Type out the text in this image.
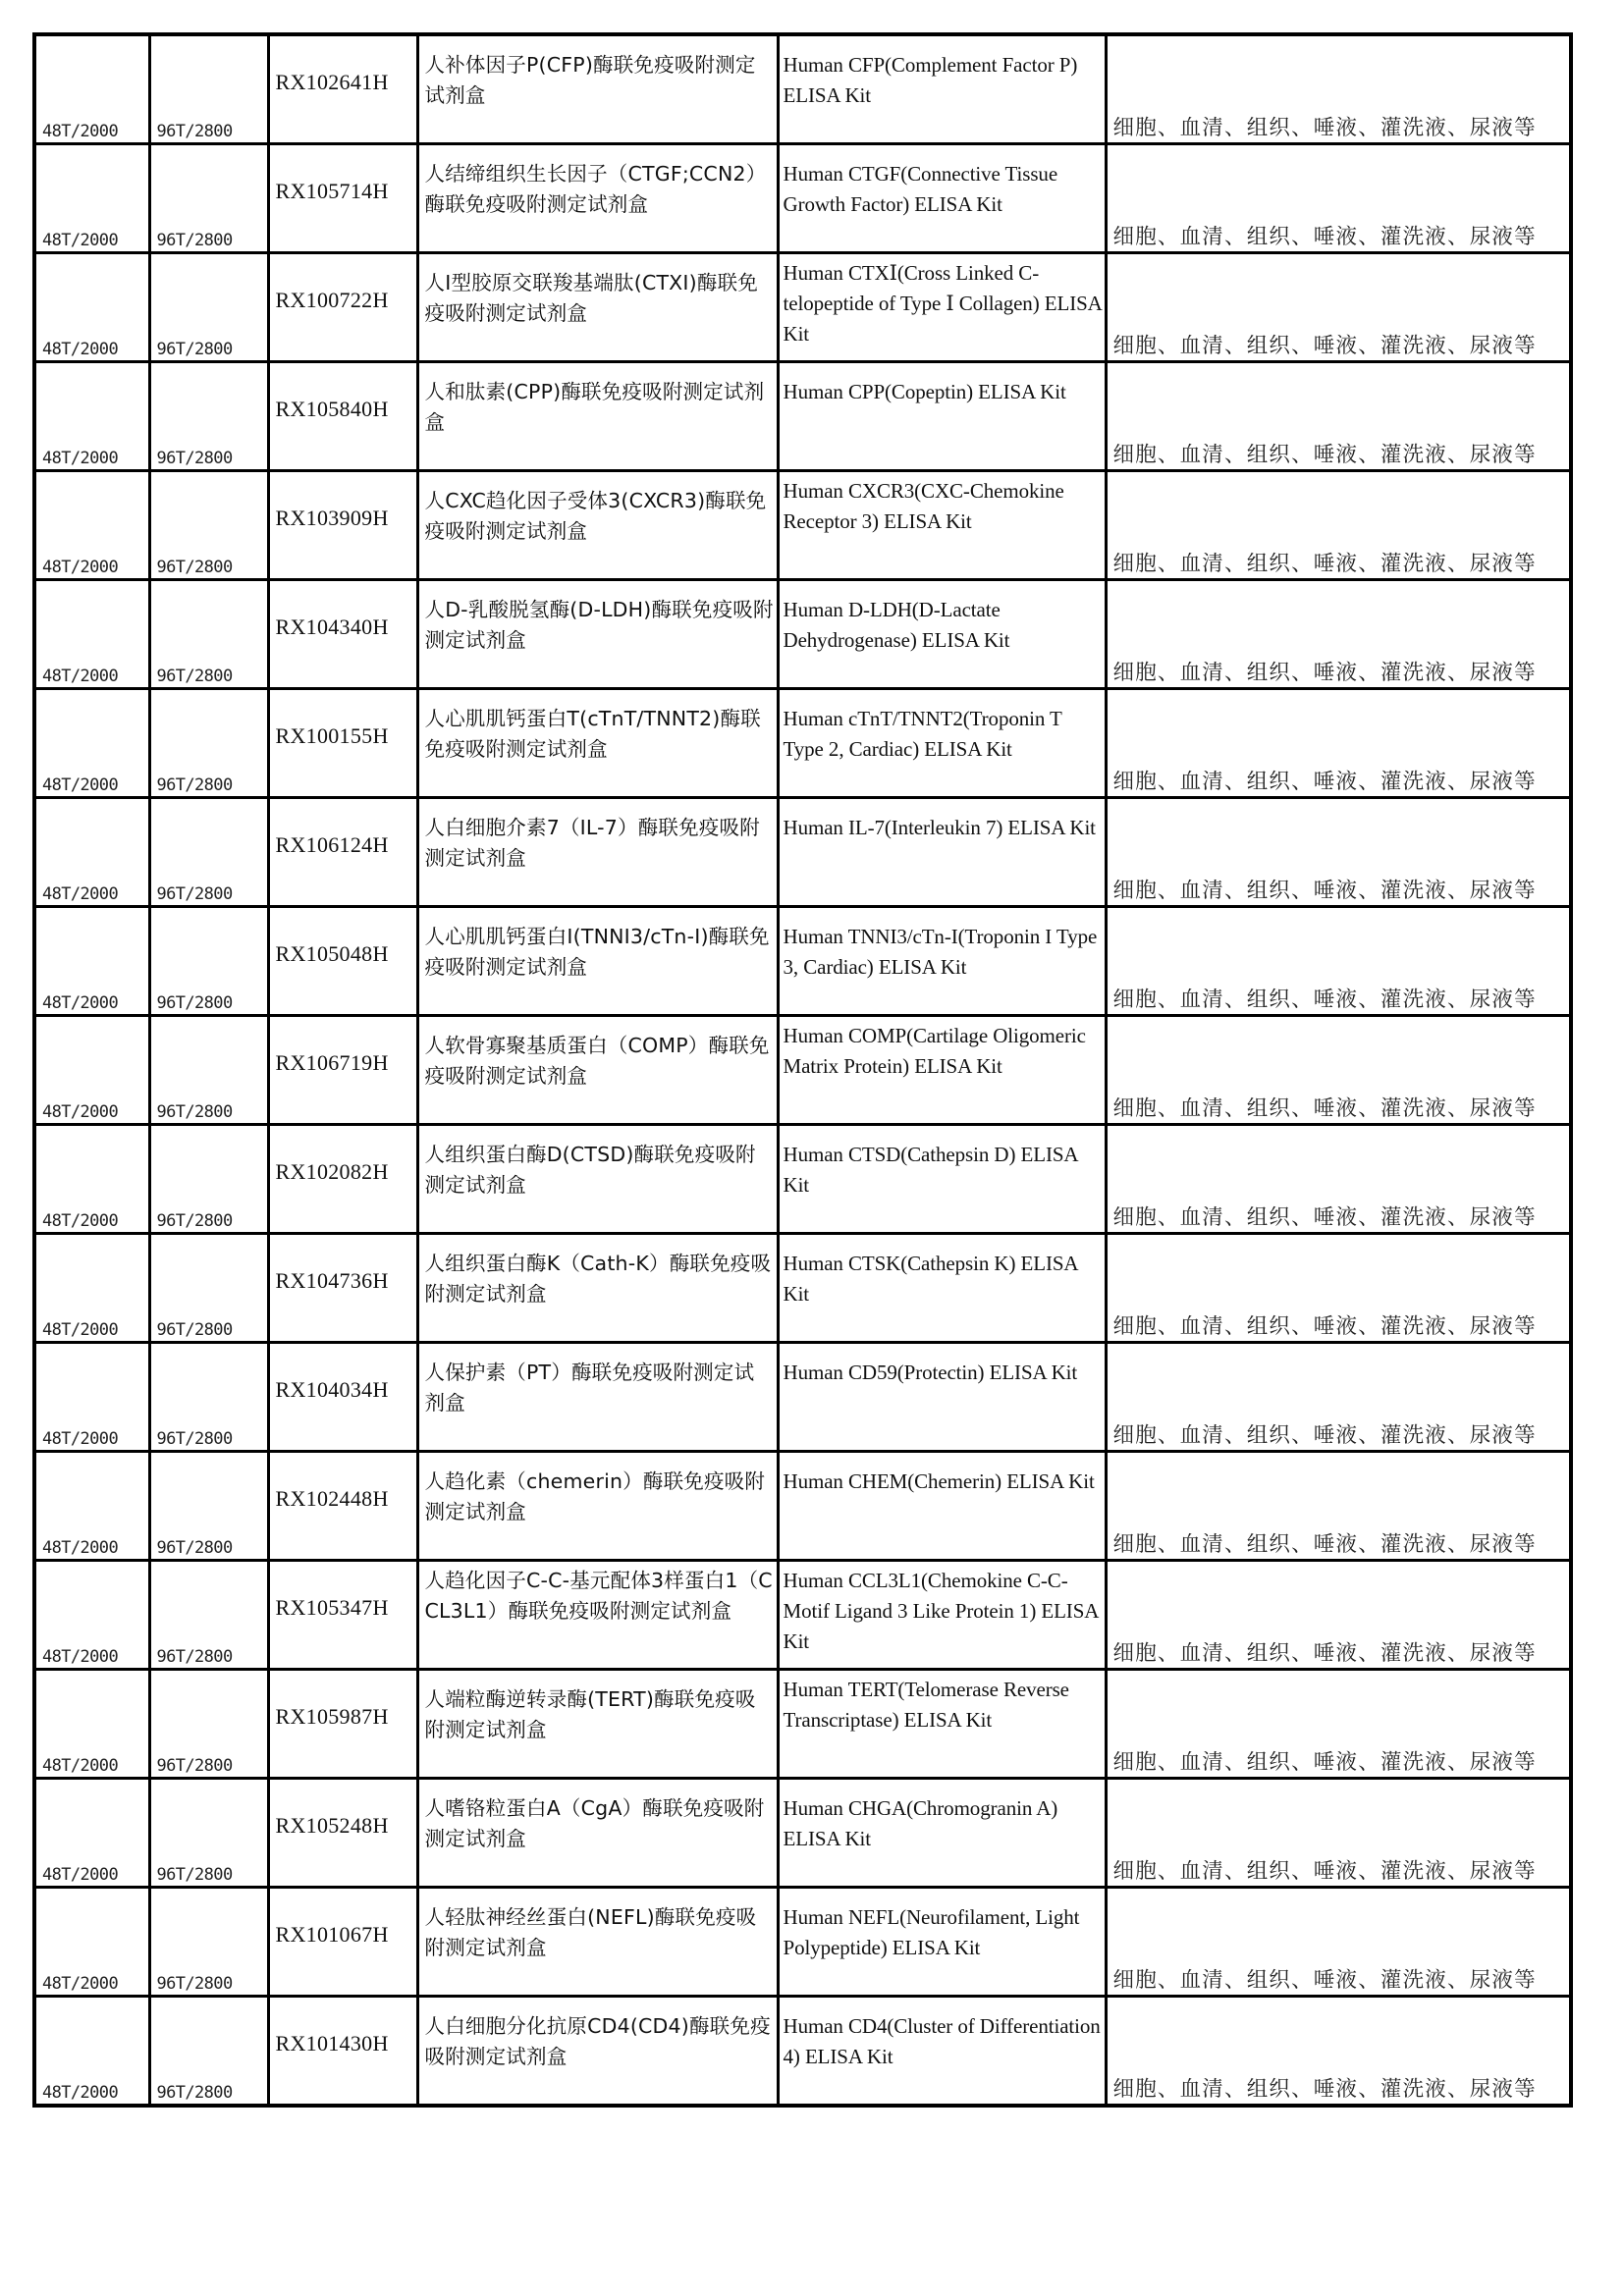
48T/2000	96T/2800	RX102641H	人补体因子P(CFP)酶联免疫吸附测定试剂盒	Human CFP(Complement Factor P) ELISA Kit	细胞、血清、组织、唾液、灌洗液、尿液等

48T/2000	96T/2800	RX105714H	人结缔组织生长因子（CTGF;CCN2）酶联免疫吸附测定试剂盒	Human CTGF(Connective Tissue Growth Factor) ELISA Kit	细胞、血清、组织、唾液、灌洗液、尿液等

48T/2000	96T/2800	RX100722H	人Ⅰ型胶原交联羧基端肽(CTXⅠ)酶联免疫吸附测定试剂盒	Human CTXⅠ(Cross Linked C-telopeptide of Type Ⅰ Collagen) ELISA Kit	细胞、血清、组织、唾液、灌洗液、尿液等

48T/2000	96T/2800	RX105840H	人和肽素(CPP)酶联免疫吸附测定试剂盒	Human CPP(Copeptin) ELISA Kit	细胞、血清、组织、唾液、灌洗液、尿液等

48T/2000	96T/2800	RX103909H	人CXC趋化因子受体3(CXCR3)酶联免疫吸附测定试剂盒	Human CXCR3(CXC-Chemokine Receptor 3) ELISA Kit	细胞、血清、组织、唾液、灌洗液、尿液等

48T/2000	96T/2800	RX104340H	人D-乳酸脱氢酶(D-LDH)酶联免疫吸附测定试剂盒	Human D-LDH(D-Lactate Dehydrogenase) ELISA Kit	细胞、血清、组织、唾液、灌洗液、尿液等

48T/2000	96T/2800	RX100155H	人心肌肌钙蛋白T(cTnT/TNNT2)酶联免疫吸附测定试剂盒	Human cTnT/TNNT2(Troponin T Type 2, Cardiac) ELISA Kit	细胞、血清、组织、唾液、灌洗液、尿液等

48T/2000	96T/2800	RX106124H	人白细胞介素7（IL-7）酶联免疫吸附测定试剂盒	Human IL-7(Interleukin 7) ELISA Kit	细胞、血清、组织、唾液、灌洗液、尿液等

48T/2000	96T/2800	RX105048H	人心肌肌钙蛋白I(TNNI3/cTn-I)酶联免疫吸附测定试剂盒	Human TNNI3/cTn-I(Troponin I Type 3, Cardiac) ELISA Kit	细胞、血清、组织、唾液、灌洗液、尿液等

48T/2000	96T/2800	RX106719H	人软骨寡聚基质蛋白（COMP）酶联免疫吸附测定试剂盒	Human COMP(Cartilage Oligomeric Matrix Protein) ELISA Kit	细胞、血清、组织、唾液、灌洗液、尿液等

48T/2000	96T/2800	RX102082H	人组织蛋白酶D(CTSD)酶联免疫吸附测定试剂盒	Human CTSD(Cathepsin D) ELISA Kit	细胞、血清、组织、唾液、灌洗液、尿液等

48T/2000	96T/2800	RX104736H	人组织蛋白酶K（Cath-K）酶联免疫吸附测定试剂盒	Human CTSK(Cathepsin K) ELISA Kit	细胞、血清、组织、唾液、灌洗液、尿液等

48T/2000	96T/2800	RX104034H	人保护素（PT）酶联免疫吸附测定试剂盒	Human CD59(Protectin) ELISA Kit	细胞、血清、组织、唾液、灌洗液、尿液等

48T/2000	96T/2800	RX102448H	人趋化素（chemerin）酶联免疫吸附测定试剂盒	Human CHEM(Chemerin) ELISA Kit	细胞、血清、组织、唾液、灌洗液、尿液等

48T/2000	96T/2800	RX105347H	人趋化因子C-C-基元配体3样蛋白1（CCL3L1）酶联免疫吸附测定试剂盒	Human CCL3L1(Chemokine C-C-Motif Ligand 3 Like Protein 1) ELISA Kit	细胞、血清、组织、唾液、灌洗液、尿液等

48T/2000	96T/2800	RX105987H	人端粒酶逆转录酶(TERT)酶联免疫吸附测定试剂盒	Human TERT(Telomerase Reverse Transcriptase) ELISA Kit	细胞、血清、组织、唾液、灌洗液、尿液等

48T/2000	96T/2800	RX105248H	人嗜铬粒蛋白A（CgA）酶联免疫吸附测定试剂盒	Human CHGA(Chromogranin A) ELISA Kit	细胞、血清、组织、唾液、灌洗液、尿液等

48T/2000	96T/2800	RX101067H	人轻肽神经丝蛋白(NEFL)酶联免疫吸附测定试剂盒	Human NEFL(Neurofilament, Light Polypeptide) ELISA Kit	细胞、血清、组织、唾液、灌洗液、尿液等

48T/2000	96T/2800	RX101430H	人白细胞分化抗原CD4(CD4)酶联免疫吸附测定试剂盒	Human CD4(Cluster of Differentiation 4) ELISA Kit	细胞、血清、组织、唾液、灌洗液、尿液等
